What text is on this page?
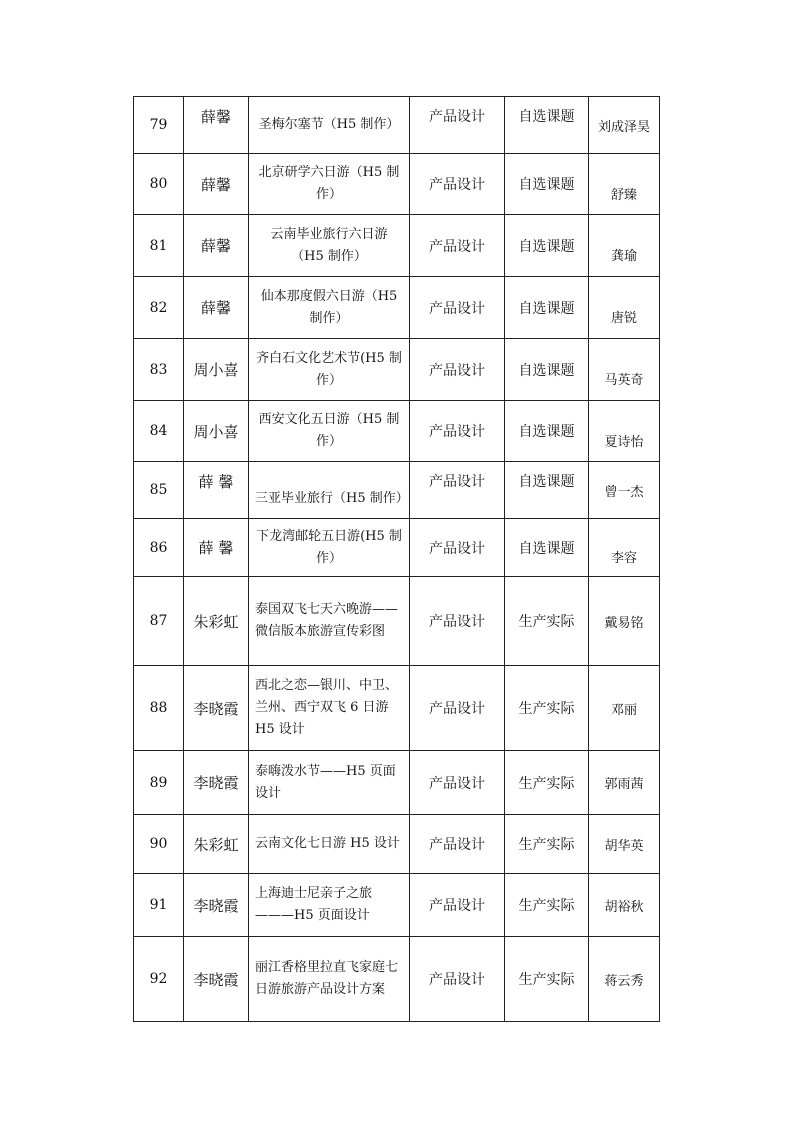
79	薛馨	圣梅尔塞节（H5 制作）	产品设计	自选课题	刘成泽昊
80	薛馨	北京研学六日游（H5 制作）	产品设计	自选课题	舒臻
81	薛馨	云南毕业旅行六日游（H5 制作）	产品设计	自选课题	龚瑜
82	薛馨	仙本那度假六日游（H5 制作）	产品设计	自选课题	唐锐
83	周小喜	齐白石文化艺术节(H5 制作）	产品设计	自选课题	马英奇
84	周小喜	西安文化五日游（H5 制作）	产品设计	自选课题	夏诗怡
85	薛 馨	三亚毕业旅行（H5 制作）	产品设计	自选课题	曾一杰
86	薛 馨	下龙湾邮轮五日游(H5 制作）	产品设计	自选课题	李容
87	朱彩虹	泰国双飞七天六晚游——微信版本旅游宣传彩图	产品设计	生产实际	戴易铭
88	李晓霞	西北之恋—银川、中卫、兰州、西宁双飞 6 日游 H5 设计	产品设计	生产实际	邓丽
89	李晓霞	泰嗨泼水节——H5 页面设计	产品设计	生产实际	郭雨茜
90	朱彩虹	云南文化七日游 H5 设计	产品设计	生产实际	胡华英
91	李晓霞	上海迪士尼亲子之旅———H5 页面设计	产品设计	生产实际	胡裕秋
92	李晓霞	丽江香格里拉直飞家庭七日游旅游产品设计方案	产品设计	生产实际	蒋云秀
